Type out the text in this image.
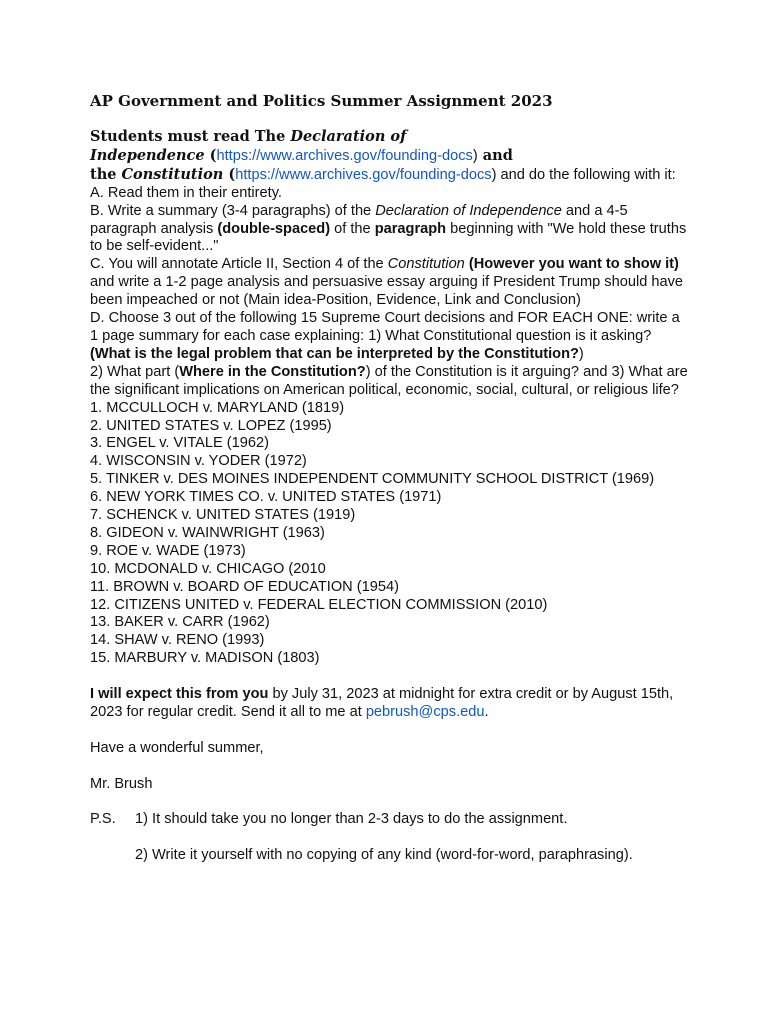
AP Government and Politics Summer Assignment 2023
Students must read The Declaration of
Independence (https://www.archives.gov/founding-docs) and
the Constitution (https://www.archives.gov/founding-docs) and do the following with it:
A. Read them in their entirety.
B. Write a summary (3-4 paragraphs) of the Declaration of Independence and a 4-5 paragraph analysis (double-spaced) of the paragraph beginning with "We hold these truths to be self-evident..."
C. You will annotate Article II, Section 4 of the Constitution (However you want to show it) and write a 1-2 page analysis and persuasive essay arguing if President Trump should have been impeached or not (Main idea-Position, Evidence, Link and Conclusion)
D. Choose 3 out of the following 15 Supreme Court decisions and FOR EACH ONE: write a 1 page summary for each case explaining: 1) What Constitutional question is it asking? (What is the legal problem that can be interpreted by the Constitution?)
2) What part (Where in the Constitution?) of the Constitution is it arguing? and 3) What are the significant implications on American political, economic, social, cultural, or religious life?
1. MCCULLOCH v. MARYLAND (1819)
2. UNITED STATES v. LOPEZ (1995)
3. ENGEL v. VITALE (1962)
4. WISCONSIN v. YODER (1972)
5. TINKER v. DES MOINES INDEPENDENT COMMUNITY SCHOOL DISTRICT (1969)
6. NEW YORK TIMES CO. v. UNITED STATES (1971)
7. SCHENCK v. UNITED STATES (1919)
8. GIDEON v. WAINWRIGHT (1963)
9. ROE v. WADE (1973)
10. MCDONALD v. CHICAGO (2010
11. BROWN v. BOARD OF EDUCATION (1954)
12. CITIZENS UNITED v. FEDERAL ELECTION COMMISSION (2010)
13. BAKER v. CARR (1962)
14. SHAW v. RENO (1993)
15. MARBURY v. MADISON (1803)
I will expect this from you by July 31, 2023 at midnight for extra credit or by August 15th, 2023 for regular credit. Send it all to me at pebrush@cps.edu.
Have a wonderful summer,
Mr. Brush
P.S.	1) It should take you no longer than 2-3 days to do the assignment.
2) Write it yourself with no copying of any kind (word-for-word, paraphrasing).
